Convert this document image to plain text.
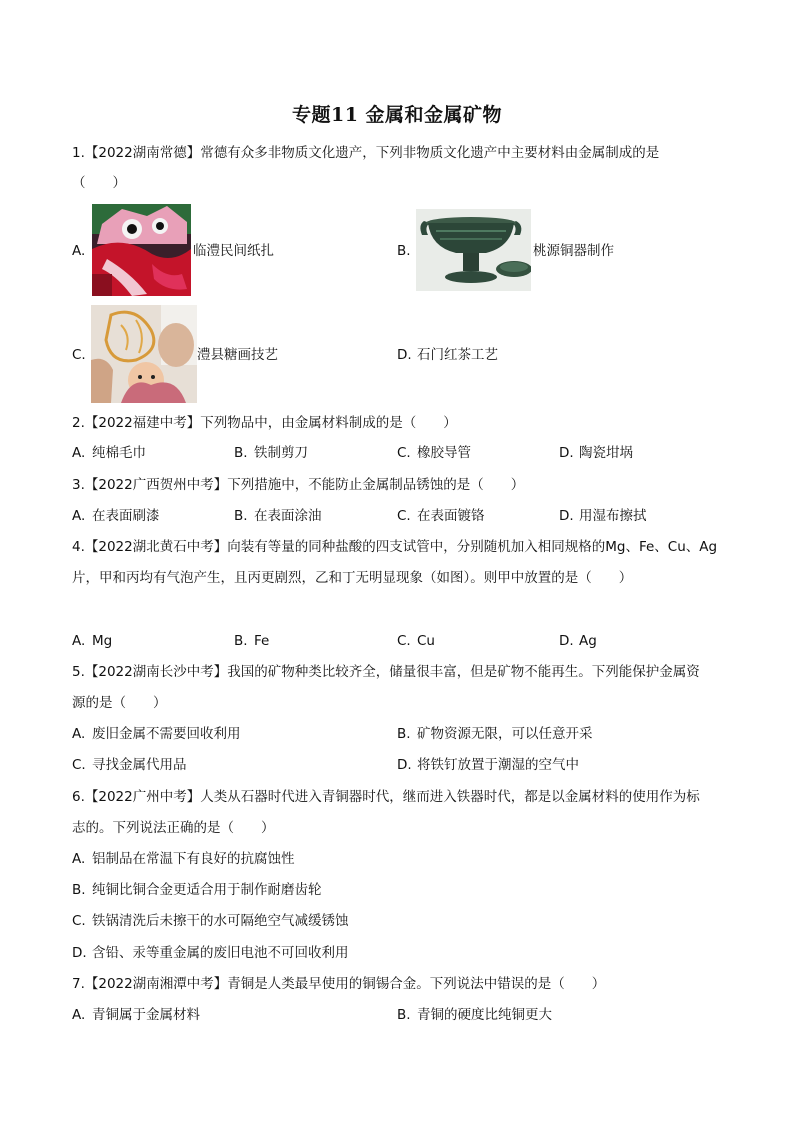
专题11 金属和金属矿物
1.【2022湖南常德】常德有众多非物质文化遗产，下列非物质文化遗产中主要材料由金属制成的是
（　　）
A.	临澧民间纸扎	B.	桃源铜器制作
C.	澧县糖画技艺	D. 石门红茶工艺
2.【2022福建中考】下列物品中，由金属材料制成的是（　　）
A. 纯棉毛巾	B. 铁制剪刀	C. 橡胶导管	D. 陶瓷坩埚
3.【2022广西贺州中考】下列措施中，不能防止金属制品锈蚀的是（　　）
A. 在表面刷漆	B. 在表面涂油	C. 在表面镀铬	D. 用湿布擦拭
4.【2022湖北黄石中考】向装有等量的同种盐酸的四支试管中，分别随机加入相同规格的Mg、Fe、Cu、Ag
片，甲和丙均有气泡产生，且丙更剧烈，乙和丁无明显现象（如图）。则甲中放置的是（　　）
A. Mg	B. Fe	C. Cu	D. Ag
5.【2022湖南长沙中考】我国的矿物种类比较齐全，储量很丰富，但是矿物不能再生。下列能保护金属资
源的是（　　）
A. 废旧金属不需要回收利用	B. 矿物资源无限，可以任意开采
C. 寻找金属代用品	D. 将铁钉放置于潮湿的空气中
6.【2022广州中考】人类从石器时代进入青铜器时代，继而进入铁器时代，都是以金属材料的使用作为标
志的。下列说法正确的是（　　）
A. 铝制品在常温下有良好的抗腐蚀性
B. 纯铜比铜合金更适合用于制作耐磨齿轮
C. 铁锅清洗后未擦干的水可隔绝空气减缓锈蚀
D. 含铅、汞等重金属的废旧电池不可回收利用
7.【2022湖南湘潭中考】青铜是人类最早使用的铜锡合金。下列说法中错误的是（　　）
A. 青铜属于金属材料	B. 青铜的硬度比纯铜更大
